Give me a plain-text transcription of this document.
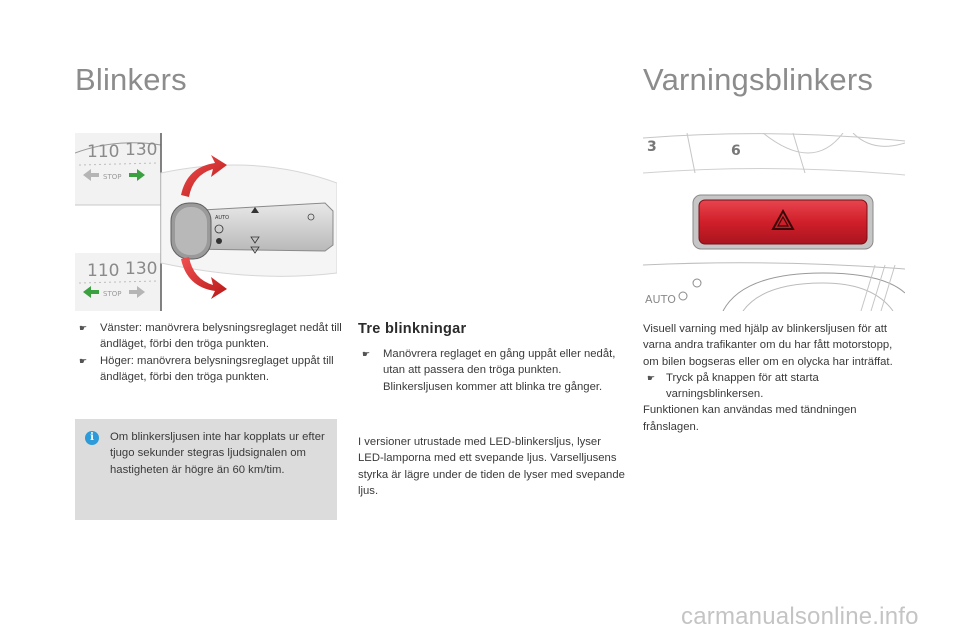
Blinkers	Varningsblinkers
110 130
STOP
110 130
STOP
AUTO
3	6
AUTO
☛ Vänster: manövrera belysningsreglaget nedåt till ändläget, förbi den tröga punkten.
☛ Höger: manövrera belysningsreglaget uppåt till ändläget, förbi den tröga punkten.
i	Om blinkersljusen inte har kopplats ur efter tjugo sekunder stegras ljudsignalen om hastigheten är högre än 60 km/tim.
Tre blinkningar
☛ Manövrera reglaget en gång uppåt eller nedåt, utan att passera den tröga punkten. Blinkersljusen kommer att blinka tre gånger.
I versioner utrustade med LED-blinkersljus, lyser LED-lamporna med ett svepande ljus. Varselljusens styrka är lägre under de tiden de lyser med svepande ljus.
Visuell varning med hjälp av blinkersljusen för att varna andra trafikanter om du har fått motorstopp, om bilen bogseras eller om en olycka har inträffat.
☛ Tryck på knappen för att starta varningsblinkersen.
Funktionen kan användas med tändningen frånslagen.
carmanualsonline.info
